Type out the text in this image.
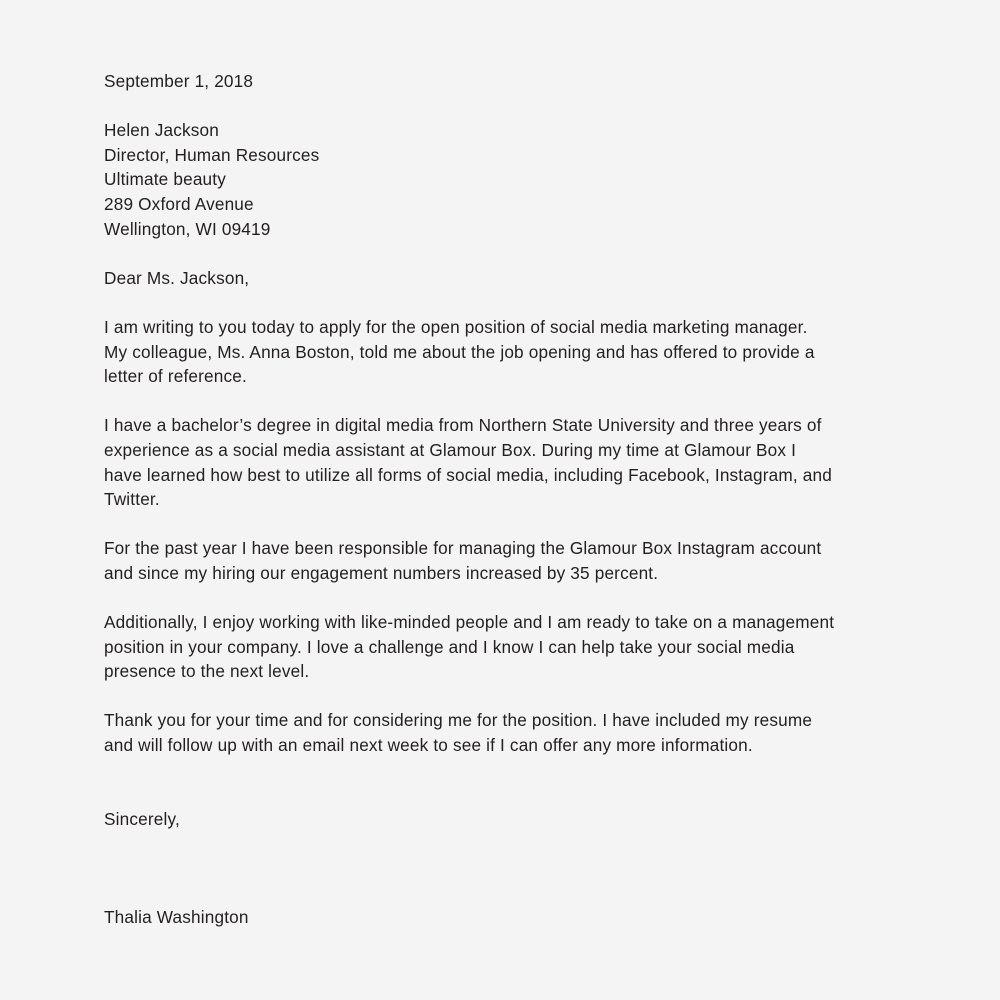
September 1, 2018
Helen Jackson
Director, Human Resources
Ultimate beauty
289 Oxford Avenue
Wellington, WI 09419
Dear Ms. Jackson,
I am writing to you today to apply for the open position of social media marketing manager.
My colleague, Ms. Anna Boston, told me about the job opening and has offered to provide a
letter of reference.
I have a bachelor’s degree in digital media from Northern State University and three years of
experience as a social media assistant at Glamour Box. During my time at Glamour Box I
have learned how best to utilize all forms of social media, including Facebook, Instagram, and
Twitter.
For the past year I have been responsible for managing the Glamour Box Instagram account
and since my hiring our engagement numbers increased by 35 percent.
Additionally, I enjoy working with like-minded people and I am ready to take on a management
position in your company. I love a challenge and I know I can help take your social media
presence to the next level.
Thank you for your time and for considering me for the position. I have included my resume
and will follow up with an email next week to see if I can offer any more information.
Sincerely,
Thalia Washington
